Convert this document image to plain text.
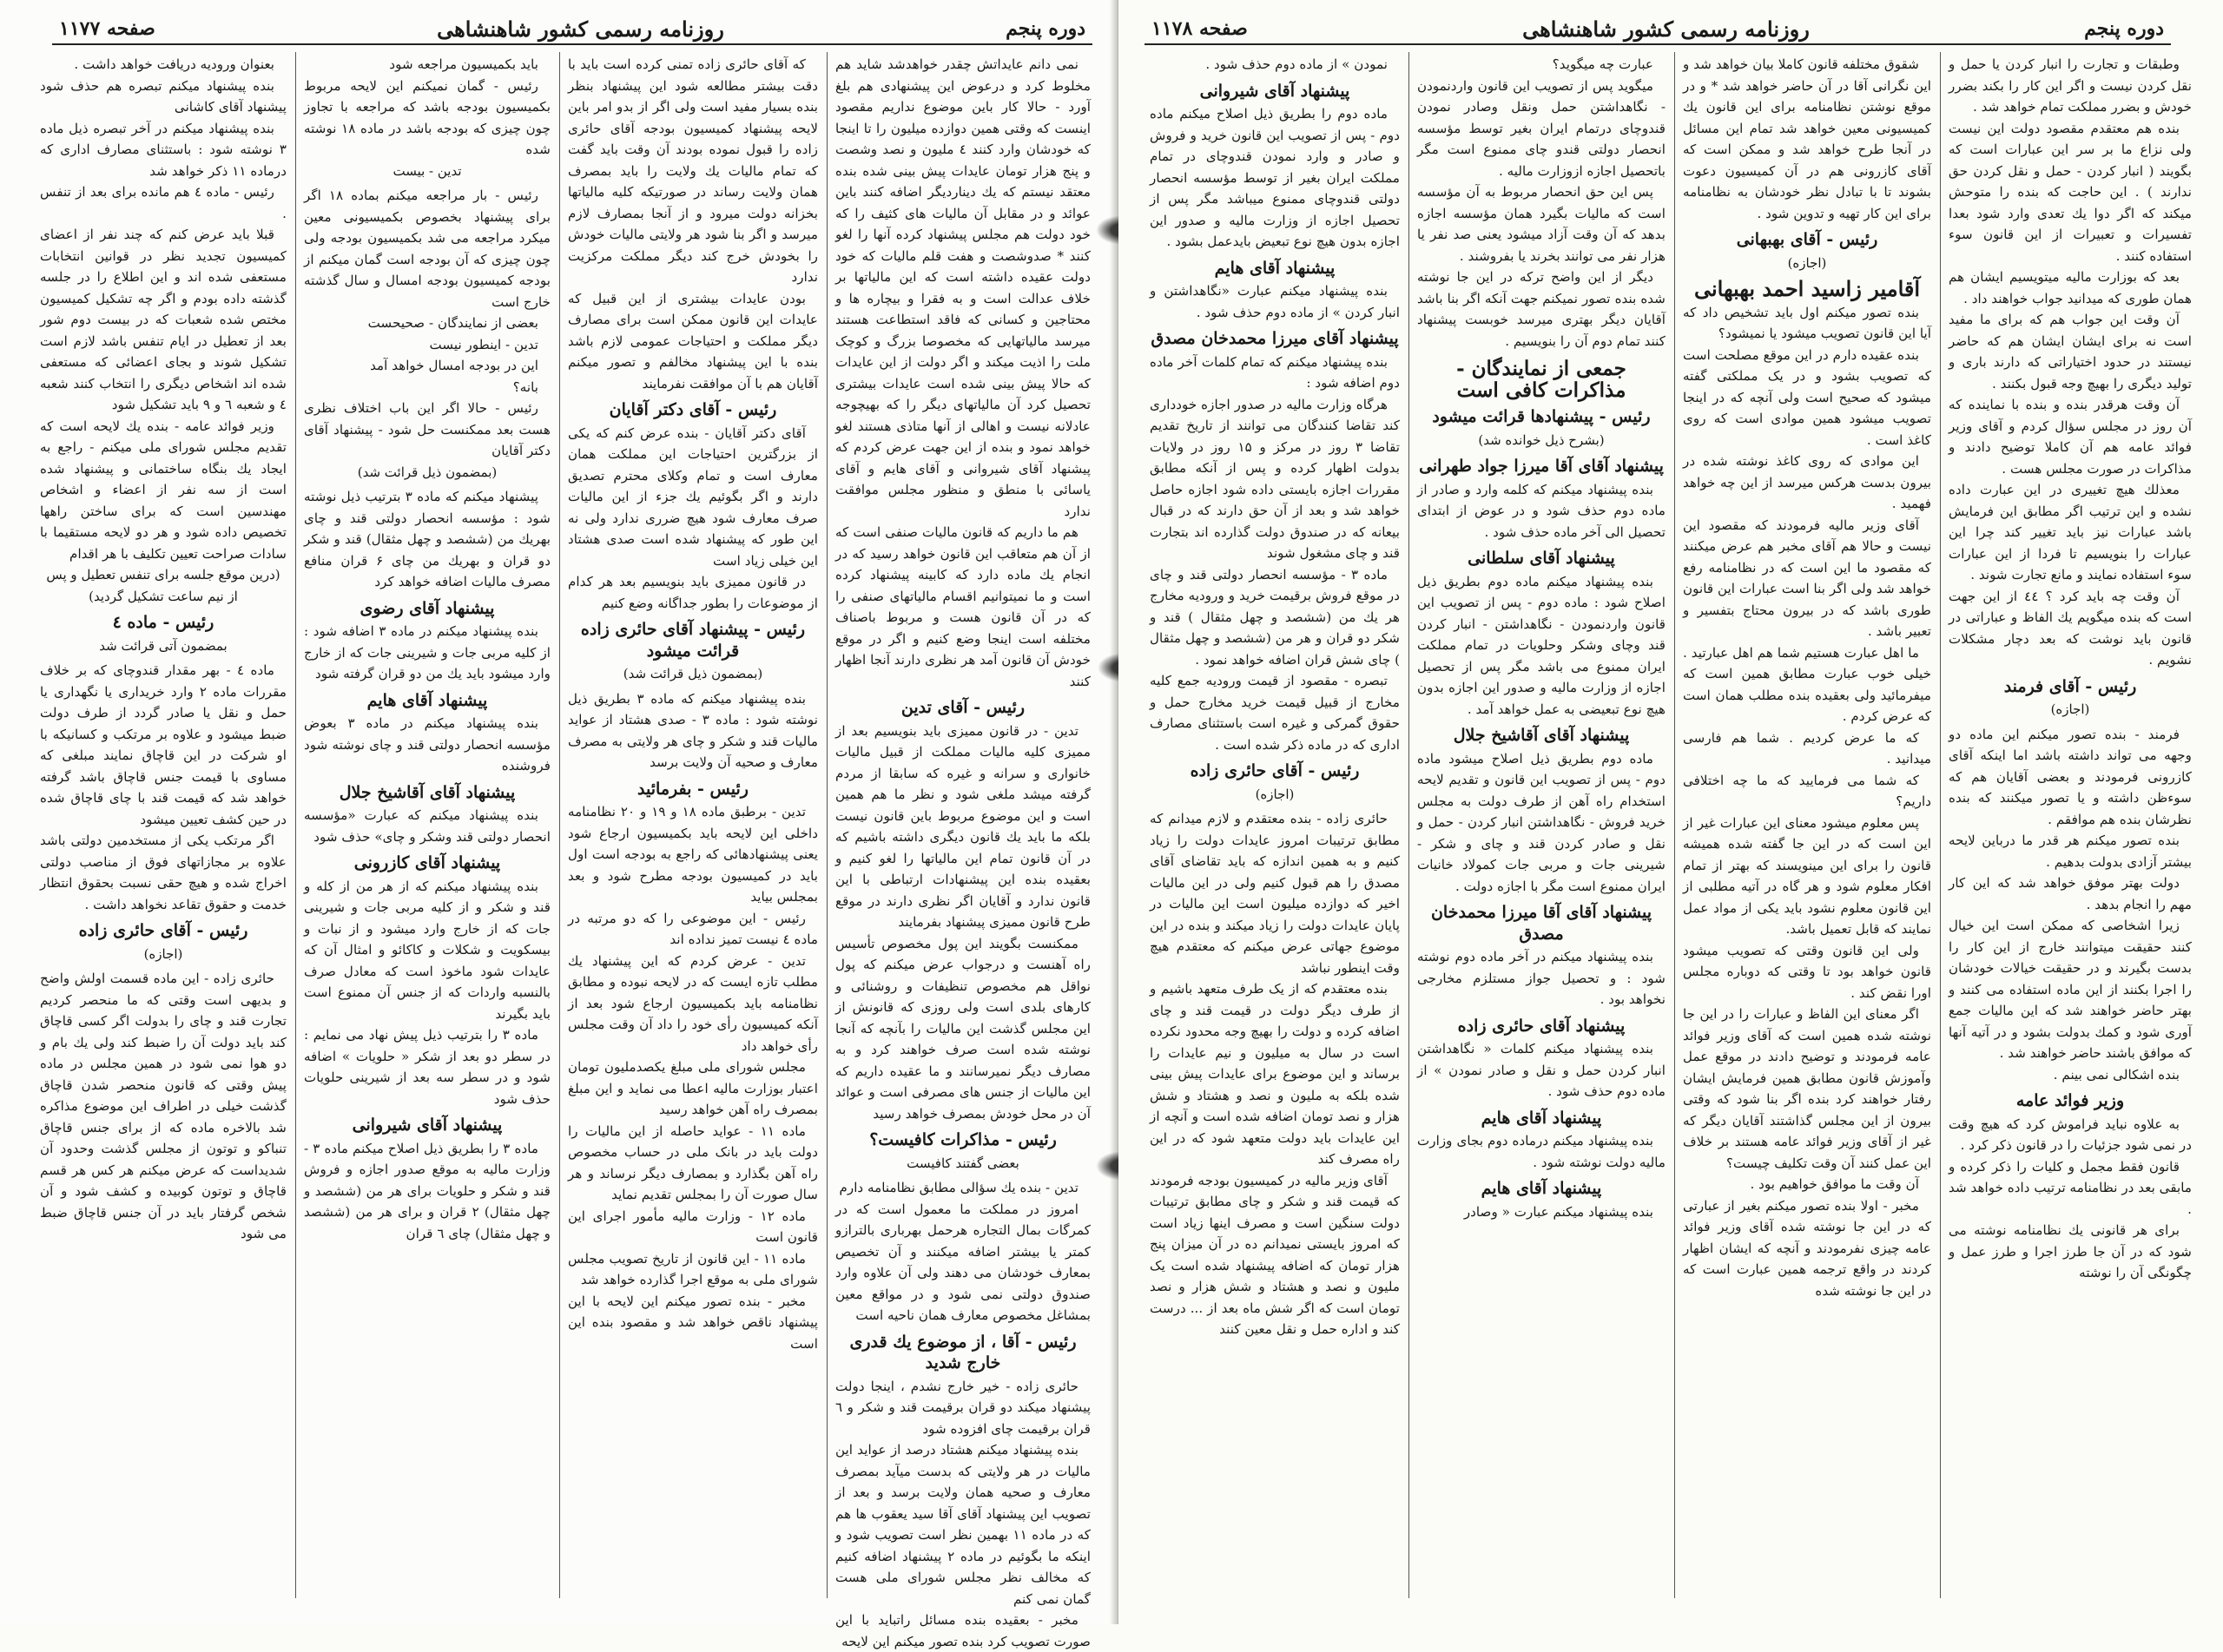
دوره پنجم
روزنامه رسمی کشور شاهنشاهی
صفحه ۱۱۷۷

بعنوان ورودیه دریافت خواهد داشت .

بنده پیشنهاد میکنم تبصره هم حذف شود پیشنهاد آقای کاشانی

بنده پیشنهاد میکنم در آخر تبصره ذیل ماده ۳ نوشته شود : باستثنای مصارف اداری که درماده ۱۱ ذکر خواهد شد

رئیس - ماده ٤ هم مانده برای بعد از تنفس .

قبلا باید عرض کنم که چند نفر از اعضای کمیسیون تجدید نظر در قوانین انتخابات مستعفی شده اند و این اطلاع را در جلسه گذشته داده بودم و اگر چه تشکیل کمیسیون مختص شده شعبات که در بیست دوم شور بعد از تعطیل در ایام تنفس باشد لازم است تشکیل شوند و بجای اعضائی که مستعفی شده اند اشخاص دیگری را انتخاب کنند شعبه ٤ و شعبه ٦ و ۹ باید تشکیل شود

وزیر فوائد عامه - بنده یك لایحه است که تقدیم مجلس شورای ملی میکنم - راجع به ایجاد یك بنگاه ساختمانی و پیشنهاد شده است از سه نفر از اعضاء و اشخاص مهندسین است که برای ساختن راهها تخصیص داده شود و هر دو لایحه مستقیما با سادات صراحت تعیین تکلیف با هر اقدام

(درین موقع جلسه برای تنفس تعطیل و پس از نیم ساعت تشکیل گردید)

رئیس - ماده ٤

بمضمون آتی قرائت شد

ماده ٤ - بهر مقدار قندوچای که بر خلاف مقررات ماده ۲ وارد خریداری یا نگهداری یا حمل و نقل یا صادر گردد از طرف دولت ضبط میشود و علاوه بر مرتکب و کسانیکه با او شرکت در این قاچاق نمایند مبلغی که مساوی با قیمت جنس قاچاق باشد گرفته خواهد شد که قیمت قند با چای قاچاق شده در حین کشف تعیین میشود

اگر مرتکب یکی از مستخدمین دولتی باشد علاوه بر مجازاتهای فوق از مناصب دولتی اخراج شده و هیچ حقی نسبت بحقوق انتظار خدمت و حقوق تقاعد نخواهد داشت .

رئیس - آقای حائری زاده

(اجازه)

حائری زاده - این ماده قسمت اولش واضح و بدیهی است وقتی که ما منحصر کردیم تجارت قند و چای را بدولت اگر کسی قاچاق کند باید دولت آن را ضبط کند ولی یك بام و دو هوا نمی شود در همین مجلس در ماده پیش وقتی که قانون منحصر شدن قاچاق گذشت خیلی در اطراف این موضوع مذاکره شد بالاخره ماده که از برای جنس قاچاق تنباکو و توتون از مجلس گذشت وحدود آن شدیداست که عرض میکنم هر کس هر قسم قاچاق و توتون کوبیده و کشف شود و آن شخص گرفتار باید در آن جنس قاچاق ضبط می شود

باید بکمیسیون مراجعه شود

رئیس - گمان نمیکنم این لایحه مربوط بکمیسیون بودجه باشد که مراجعه با تجاوز چون چیزی که بودجه باشد در ماده ١٨ نوشته شده

تدین - بیست

رئیس - بار مراجعه میکنم بماده ۱۸ اگر برای پیشنهاد بخصوص بکمیسیونی معین میکرد مراجعه می شد بکمیسیون بودجه ولی چون چیزی که آن بودجه است گمان میکنم از بودجه کمیسیون بودجه امسال و سال گذشته خارج است

بعضی از نمایندگان - صحیحست

تدین - اینطور نیست

این در بودجه امسال خواهد آمد

بانه؟

رئیس - حالا اگر این باب اختلاف نظری هست بعد ممکنست حل شود - پیشنهاد آقای دکتر آقایان

(بمضمون ذیل قرائت شد)

پیشنهاد میکنم که ماده ۳ بترتیب ذیل نوشته شود : مؤسسه انحصار دولتی قند و چای بهریك من (ششصد و چهل مثقال) قند و شکر دو قران و بهریك من چای ۶ قران منافع مصرف مالیات اضافه خواهد کرد

پیشنهاد آقای رضوی

بنده پیشنهاد میکنم در ماده ۳ اضافه شود : از کلیه مربی جات و شیرینی جات که از خارج وارد میشود باید یك من دو قران گرفته شود

پیشنهاد آقای هایم

بنده پیشنهاد میکنم در ماده ۳ بعوض مؤسسه انحصار دولتی قند و چای نوشته شود فروشنده

پیشنهاد آقای آقاشیخ جلال

بنده پیشنهاد میکنم که عبارت «مؤسسه انحصار دولتی قند وشکر و چای» حذف شود

پیشنهاد آقای کازرونی

بنده پیشنهاد میکنم که از هر من از کله و قند و شکر و از کلیه مربی جات و شیرینی جات که از خارج وارد میشود و از نبات و بیسکویت و شکلات و کاکائو و امثال آن که عایدات شود ماخوذ است که معادل صرف بالنسبه واردات که از جنس آن ممنوع است باید بگیرند

ماده ۳ را بترتیب ذیل پیش نهاد می نمایم : در سطر دو بعد از شکر « حلویات » اضافه شود و در سطر سه بعد از شیرینی حلویات حذف شود

پیشنهاد آقای شیروانی

ماده ۳ را بطریق ذیل اصلاح میکنم ماده ۳ - وزارت مالیه به موقع صدور اجازه و فروش قند و شکر و حلویات برای هر من (ششصد و چهل مثقال) ۲ قران و برای هر من (ششصد و چهل مثقال) چای ٦ قران

که آقای حائری زاده تمنی کرده است باید با دقت بیشتر مطالعه شود این پیشنهاد بنظر بنده بسیار مفید است ولی اگر از بدو امر باین لایحه پیشنهاد کمیسیون بودجه آقای حائری زاده را قبول نموده بودند آن وقت باید گفت که تمام مالیات یك ولایت را باید بمصرف همان ولایت رساند در صورتیکه کلیه مالیاتها بخزانه دولت میرود و از آنجا بمصارف لازم میرسد و اگر بنا شود هر ولایتی مالیات خودش را بخودش خرج کند دیگر مملکت مرکزیت ندارد

بودن عایدات بیشتری از این قبیل که عایدات این قانون ممکن است برای مصارف دیگر مملکت و احتیاجات عمومی لازم باشد بنده با این پیشنهاد مخالفم و تصور میکنم آقایان هم با آن موافقت نفرمایند

رئیس - آقای دکتر آقایان

آقای دکتر آقایان - بنده عرض کنم که یکی از بزرگترین احتیاجات این مملکت همان معارف است و تمام وکلای محترم تصدیق دارند و اگر بگوئیم یك جزء از این مالیات صرف معارف شود هیچ ضرری ندارد ولی نه این طور که پیشنهاد شده است صدی هشتاد این خیلی زیاد است

در قانون ممیزی باید بنویسیم بعد هر کدام از موضوعات را بطور جداگانه وضع کنیم

رئیس - پیشنهاد آقای حائری زاده قرائت میشود

(بمضمون ذیل قرائت شد)

بنده پیشنهاد میکنم که ماده ۳ بطریق ذیل نوشته شود : ماده ۳ - صدی هشتاد از عواید مالیات قند و شکر و چای هر ولایتی به مصرف معارف و صحیه آن ولایت برسد

رئیس - بفرمائید

تدین - برطبق ماده ۱۸ و ۱۹ و ۲۰ نظامنامه داخلی این لایحه باید بکمیسیون ارجاع شود یعنی پیشنهادهائی که راجع به بودجه است اول باید در کمیسیون بودجه مطرح شود و بعد بمجلس بیاید

رئیس - این موضوعی را که دو مرتبه در ماده ٤ نیست تمیز نداده اند

تدین - عرض کردم که این پیشنهاد یك مطلب تازه ایست که در لایحه نبوده و مطابق نظامنامه باید بکمیسیون ارجاع شود بعد از آنکه کمیسیون رأی خود را داد آن وقت مجلس رأی خواهد داد

مجلس شورای ملی مبلغ یکصدملیون تومان اعتبار بوزارت مالیه اعطا می نماید و این مبلغ بمصرف راه آهن خواهد رسید

ماده ۱۱ - عواید حاصله از این مالیات را دولت باید در بانک ملی در حساب مخصوص راه آهن بگذارد و بمصارف دیگر نرساند و هر سال صورت آن را بمجلس تقدیم نماید

ماده ۱۲ - وزارت مالیه مأمور اجرای این قانون است

ماده ۱۱ - این قانون از تاریخ تصویب مجلس شورای ملی به موقع اجرا گذارده خواهد شد

مخبر - بنده تصور میکنم این لایحه با این پیشنهاد ناقص خواهد شد و مقصود بنده این است

نمی دانم عایداتش چقدر خواهدشد شاید هم مخلوط کرد و درعوض این پیشنهادی هم بلغ آورد - حالا کار باین موضوع نداریم مقصود اینست که وقتی همین دوازده میلیون را تا اینجا که خودشان وارد کنند ٤ ملیون و نصد وشصت و پنج هزار تومان عایدات پیش بینی شده بنده معتقد نیستم که یك دیناردیگر اضافه کنند باین عوائد و در مقابل آن مالیات های کثیف را که خود دولت هم مجلس پیشنهاد کرده آنها را لغو کنند * صدوشصت و هفت قلم مالیات که خود دولت عقیده داشته است که این مالیاتها بر خلاف عدالت است و به فقرا و بیچاره ها و محتاجین و کسانی که فاقد استطاعت هستند میرسد مالیاتهایی که مخصوصا بزرگ و کوچک ملت را اذیت میکند و اگر دولت از این عایدات که حالا پیش بینی شده است عایدات بیشتری تحصیل کرد آن مالیاتهای دیگر را که بهیچوجه عادلانه نیست و اهالی از آنها متاذی هستند لغو خواهد نمود و بنده از این جهت عرض کردم که پیشنهاد آقای شیروانی و آقای هایم و آقای یاسائی با منطق و منظور مجلس موافقت ندارد

هم ما داریم که قانون مالیات صنفی است که از آن هم متعاقب این قانون خواهد رسید که در انجام یك ماده دارد که کابینه پیشنهاد کرده است و ما نمیتوانیم اقسام مالیاتهای صنفی را که در آن قانون هست و مربوط باصناف مختلفه است اینجا وضع کنیم و اگر در موقع خودش آن قانون آمد هر نظری دارند آنجا اظهار کنند

رئیس - آقای تدین

تدین - در قانون ممیزی باید بنویسیم بعد از ممیزی کلیه مالیات مملکت از قبیل مالیات خانواری و سرانه و غیره که سابقا از مردم گرفته میشد ملغی شود و نظر ما هم همین است و این موضوع مربوط باین قانون نیست بلکه ما باید یك قانون دیگری داشته باشیم که در آن قانون تمام این مالیاتها را لغو کنیم و بعقیده بنده این پیشنهادات ارتباطی با این قانون ندارد و آقایان اگر نظری دارند در موقع طرح قانون ممیزی پیشنهاد بفرمایند

ممکنست بگویند این پول مخصوص تأسیس راه آهنست و درجواب عرض میکنم که پول نواقل هم مخصوص تنظیفات و روشنائی و کارهای بلدی است ولی روزی که قانونش از این مجلس گذشت این مالیات را بآنچه که آنجا نوشته شده است صرف خواهند کرد و به مصارف دیگر نمیرسانند و ما عقیده داریم که این مالیات از جنس های مصرفی است و عوائد آن در محل خودش بمصرف خواهد رسید

رئیس - مذاکرات کافیست؟

بعضی گفتند کافیست

تدین - بنده یك سؤالی مطابق نظامنامه دارم

امروز در مملکت ما معمول است که در کمرگات بمال التجاره هرحمل بهرباری بالترازو کمتر یا بیشتر اضافه میکنند و آن تخصیص بمعارف خودشان می دهند ولی آن علاوه وارد صندوق دولتی نمی شود و در مواقع معین بمشاغل مخصوص معارف همان ناحیه است

رئیس - آقا ، از موضوع یك قدری خارج شدید

حائری زاده - خیر خارج نشدم ، اینجا دولت پیشنهاد میکند دو قران برقیمت قند و شکر و ٦ قران برقیمت چای افزوده شود

بنده پیشنهاد میکنم هشتاد درصد از عواید این مالیات در هر ولایتی که بدست میآید بمصرف معارف و صحیه همان ولایت برسد و بعد از تصویب این پیشنهاد آقای آقا سید یعقوب ها هم که در ماده ۱۱ بهمین نظر است تصویب شود و اینکه ما بگوئیم در ماده ۲ پیشنهاد اضافه کنیم که مخالف نظر مجلس شورای ملی هست گمان نمی کنم

مخبر - بعقیده بنده مسائل راتباید با این صورت تصویب کرد بنده تصور میکنم این لایحه

دوره پنجم
روزنامه رسمی کشور شاهنشاهی
صفحه ۱۱۷۸

نمودن » از ماده دوم حذف شود .

پیشنهاد آقای شیروانی

ماده دوم را بطریق ذیل اصلاح میکنم ماده دوم - پس از تصویب این قانون خرید و فروش و صادر و وارد نمودن قندوچای در تمام مملکت ایران بغیر از توسط مؤسسه انحصار دولتی قندوچای ممنوع میباشد مگر پس از تحصیل اجازه از وزارت مالیه و صدور این اجازه بدون هیچ نوع تبعیض بایدعمل بشود .

پیشنهاد آقای هایم

بنده پیشنهاد میکنم عبارت «نگاهداشتن و انبار کردن » از ماده دوم حذف شود .

پیشنهاد آقای میرزا محمدخان مصدق

بنده پیشنهاد میکنم که تمام کلمات آخر ماده دوم اضافه شود :

هرگاه وزارت مالیه در صدور اجازه خودداری کند تقاضا کنندگان می توانند از تاریخ تقدیم تقاضا ۳ روز در مرکز و ۱۵ روز در ولایات بدولت اظهار کرده و پس از آنکه مطابق مقررات اجازه بایستی داده شود اجازه حاصل خواهد شد و بعد از آن حق دارند که در قبال بیعانه که در صندوق دولت گذارده اند بتجارت قند و چای مشغول شوند

ماده ۳ - مؤسسه انحصار دولتی قند و چای در موقع فروش برقیمت خرید و ورودیه مخارج هر یك من (ششصد و چهل مثقال ) قند و شکر دو قران و هر من (ششصد و چهل مثقال ) چای شش قران اضافه خواهد نمود .

تبصره - مقصود از قیمت ورودیه جمع کلیه مخارج از قبیل قیمت خرید مخارج حمل و حقوق گمرکی و غیره است باستثنای مصارف اداری که در ماده ذکر شده است .

رئیس - آقای حائری زاده

(اجازه)

حائری زاده - بنده معتقدم و لازم میدانم که مطابق ترتیبات امروز عایدات دولت را زیاد کنیم و به همین اندازه که باید تقاضای آقای مصدق را هم قبول کنیم ولی در این مالیات اخیر که دوازده میلیون است این مالیات در پایان عایدات دولت را زیاد میکند و بنده در این موضوع جهاتی عرض میکنم که معتقدم هیچ وقت اینطور نباشد

بنده معتقدم که از یک طرف متعهد باشیم و از طرف دیگر دولت در قیمت قند و چای اضافه کرده و دولت را بهیچ وجه محدود نکرده است در سال به میلیون و نیم عایدات را برساند و این موضوع برای عایدات پیش بینی شده بلکه به ملیون و نصد و هشتاد و شش هزار و نصد تومان اضافه شده است و آنچه از این عایدات باید دولت متعهد شود که در این راه مصرف کند

آقای وزیر مالیه در کمیسیون بودجه فرمودند که قیمت قند و شکر و چای مطابق ترتیبات دولت سنگین است و مصرف اینها زیاد است که امروز بایستی نمیدانم ده در آن میزان پنج هزار تومان که اضافه پیشنهاد شده است یک ملیون و نصد و هشتاد و شش هزار و نصد تومان است که اگر شش ماه بعد از ... درست کند و اداره حمل و نقل معین کنند

عبارت چه میگوید؟

میگوید پس از تصویب این قانون واردنمودن - نگاهداشتن حمل ونقل وصادر نمودن قندوچای درتمام ایران بغیر توسط مؤسسه انحصار دولتی قندو چای ممنوع است مگر باتحصیل اجازه ازوزارت مالیه .

پس این حق انحصار مربوط به آن مؤسسه است که مالیات بگیرد همان مؤسسه اجازه بدهد که آن وقت آزاد میشود یعنی صد نفر یا هزار نفر می توانند بخرند یا بفروشند .

دیگر از این واضح ترکه در این جا نوشته شده بنده تصور نمیکنم جهت آنکه اگر بنا باشد آقایان دیگر بهتری میرسد خوبست پیشنهاد کنند تمام دوم آن را بنویسیم .

جمعی از نمایندگان - مذاکرات کافی است

رئیس - پیشنهادها قرائت میشود

(بشرح ذیل خوانده شد)

پیشنهاد آقای آقا میرزا جواد طهرانی

بنده پیشنهاد میکنم که کلمه وارد و صادر از ماده دوم حذف شود و در عوض از ابتدای تحصیل الی آخر ماده حذف شود .

پیشنهاد آقای سلطانی

بنده پیشنهاد میکنم ماده دوم بطریق ذیل اصلاح شود : ماده دوم - پس از تصویب این قانون واردنمودن - نگاهداشتن - انبار کردن قند وچای وشکر وحلویات در تمام مملکت ایران ممنوع می باشد مگر پس از تحصیل اجازه از وزارت مالیه و صدور این اجازه بدون هیچ نوع تبعیضی به عمل خواهد آمد .

پیشنهاد آقای آقاشیخ جلال

ماده دوم بطریق ذیل اصلاح میشود ماده دوم - پس از تصویب این قانون و تقدیم لایحه استخدام راه آهن از طرف دولت به مجلس خرید فروش - نگاهداشتن انبار کردن - حمل و نقل و صادر کردن قند و چای و شکر - شیرینی جات و مربی جات کمولاد خانیات ایران ممنوع است مگر با اجازه دولت .

پیشنهاد آقای آقا میرزا محمدخان مصدق

بنده پیشنهاد میکنم در آخر ماده دوم نوشته شود : و تحصیل جواز مستلزم مخارجی نخواهد بود .

پیشنهاد آقای حائری زاده

بنده پیشنهاد میکنم کلمات « نگاهداشتن انبار کردن حمل و نقل و صادر نمودن » از ماده دوم حذف شود .

پیشنهاد آقای هایم

بنده پیشنهاد میکنم درماده دوم بجای وزارت مالیه دولت نوشته شود .

پیشنهاد آقای هایم

بنده پیشنهاد میکنم عبارت « وصادر

شقوق مختلفه قانون کاملا بیان خواهد شد و این نگرانی آقا در آن حاضر خواهد شد * و در موقع نوشتن نظامنامه برای این قانون یك کمیسیونی معین خواهد شد تمام این مسائل در آنجا طرح خواهد شد و ممکن است که آقای کازرونی هم در آن کمیسیون دعوت بشوند تا با تبادل نظر خودشان به نظامنامه برای این کار تهیه و تدوین شود .

رئیس - آقای بهبهانی

(اجازه)

آقامیر زاسید احمد بهبهانی

بنده تصور میکنم اول باید تشخیص داد که آیا این قانون تصویب میشود یا نمیشود؟

بنده عقیده دارم در این موقع مصلحت است که تصویب بشود و در یک مملکتی گفته میشود که صحیح است ولی آنچه که در اینجا تصویب میشود همین موادی است که روی کاغذ است .

این موادی که روی کاغذ نوشته شده در بیرون بدست هرکس میرسد از این چه خواهد فهمید .

آقای وزیر مالیه فرمودند که مقصود این نیست و حالا هم آقای مخبر هم عرض میکنند که مقصود ما این است که در نظامنامه رفع خواهد شد ولی اگر بنا است عبارات این قانون طوری باشد که در بیرون محتاج بتفسیر و تعبیر باشد .

ما اهل عبارت هستیم شما هم اهل عبارتید . خیلی خوب عبارت مطابق همین است که میفرمائید ولی بعقیده بنده مطلب همان است که عرض کردم .

که ما عرض کردیم . شما هم فارسی میدانید .

که شما می فرمایید که ما چه اختلافی داریم؟

پس معلوم میشود معنای این عبارات غیر از این است که در این جا گفته شده همیشه قانون را برای این مینویسند که بهتر از تمام افکار معلوم شود و هر گاه در آتیه مطلبی از این قانون معلوم نشود باید یکی از مواد عمل نمایند که قابل تعمیل باشد.

ولی این قانون وقتی که تصویب میشود قانون خواهد بود تا وقتی که دوباره مجلس اورا نقض کند .

اگر معنای این الفاظ و عبارات را در این جا نوشته شده همین است که آقای وزیر فوائد عامه فرمودند و توضیح دادند در موقع عمل وآموزش قانون مطابق همین فرمایش ایشان رفتار خواهند کرد بنده اگر بنا شود که وقتی بیرون از این مجلس گذاشتند آقایان دیگر که غیر از آقای وزیر فوائد عامه هستند بر خلاف این عمل کنند آن وقت تکلیف چیست؟

آن وقت ما موافق خواهیم بود .

مخبر - اولا بنده تصور میکنم بغیر از عبارتی که در این جا نوشته شده آقای وزیر فوائد عامه چیزی نفرمودند و آنچه که ایشان اظهار کردند در واقع ترجمه همین عبارت است که در این جا نوشته شده

وطبقات و تجارت را انبار کردن یا حمل و نقل کردن نیست و اگر این کار را بکند بضرر خودش و بضرر مملکت تمام خواهد شد .

بنده هم معتقدم مقصود دولت این نیست ولی نزاع ما بر سر این عبارات است که بگویند ( انبار کردن - حمل و نقل کردن حق ندارند ) . این حاجت که بنده را متوحش میکند که اگر دوا یك تعدی وارد شود بعدا تفسیرات و تعبیرات از این قانون سوء استفاده کنند .

بعد که بوزارت مالیه میتویسیم ایشان هم همان طوری که میدانید جواب خواهند داد .

آن وقت این جواب هم که برای ما مفید است نه برای ایشان ایشان هم که حاضر نیستند در حدود اختیاراتی که دارند باری و تولید دیگری را بهیچ وجه قبول بکنند .

آن وقت هرقدر بنده و بنده با نماینده که آن روز در مجلس سؤال کردم و آقای وزیر فوائد عامه هم آن کاملا توضیح دادند و مذاکرات در صورت مجلس هست .

معذلك هیچ تغییری در این عبارت داده نشده و این ترتیب اگر مطابق این فرمایش باشد عبارات نیز باید تغییر کند چرا این عبارات را بنویسیم تا فردا از این عبارات سوء استفاده نمایند و مانع تجارت شوند .

آن وقت چه باید کرد ؟ ٤٤ از این جهت است که بنده میگویم یك الفاظ و عباراتی در قانون باید نوشت که بعد دچار مشکلات نشویم .

رئیس - آقای فرمند

(اجازه)

فرمند - بنده تصور میکنم این ماده دو وجهه می تواند داشته باشد اما اینکه آقای کازرونی فرمودند و بعضی آقایان هم که سوءظن داشته و یا تصور میکنند که بنده نظرشان بنده هم موافقم .

بنده تصور میکنم هر قدر ما درباین لایحه بیشتر آزادی بدولت بدهیم .

دولت بهتر موفق خواهد شد که این کار مهم را انجام بدهد .

زیرا اشخاصی که ممکن است این خیال کنند حقیقت میتوانند خارج از این کار را بدست بگیرند و در حقیقت خیالات خودشان را اجرا بکنند از این ماده استفاده می کنند و بهتر حاضر خواهند شد که این مالیات جمع آوری شود و کمك بدولت بشود و در آتیه آنها که موافق باشند حاضر خواهند شد .

بنده اشکالی نمی بینم .

وزیر فوائد عامه

به علاوه نباید فراموش کرد که هیچ وقت در نمی شود جزئیات را در قانون ذکر کرد .

قانون فقط مجمل و کلیات را ذکر کرده و مابقی بعد در نظامنامه ترتیب داده خواهد شد .

برای هر قانونی یك نظامنامه نوشته می شود که در آن جا طرز اجرا و طرز عمل و چگونگی آن را نوشته
